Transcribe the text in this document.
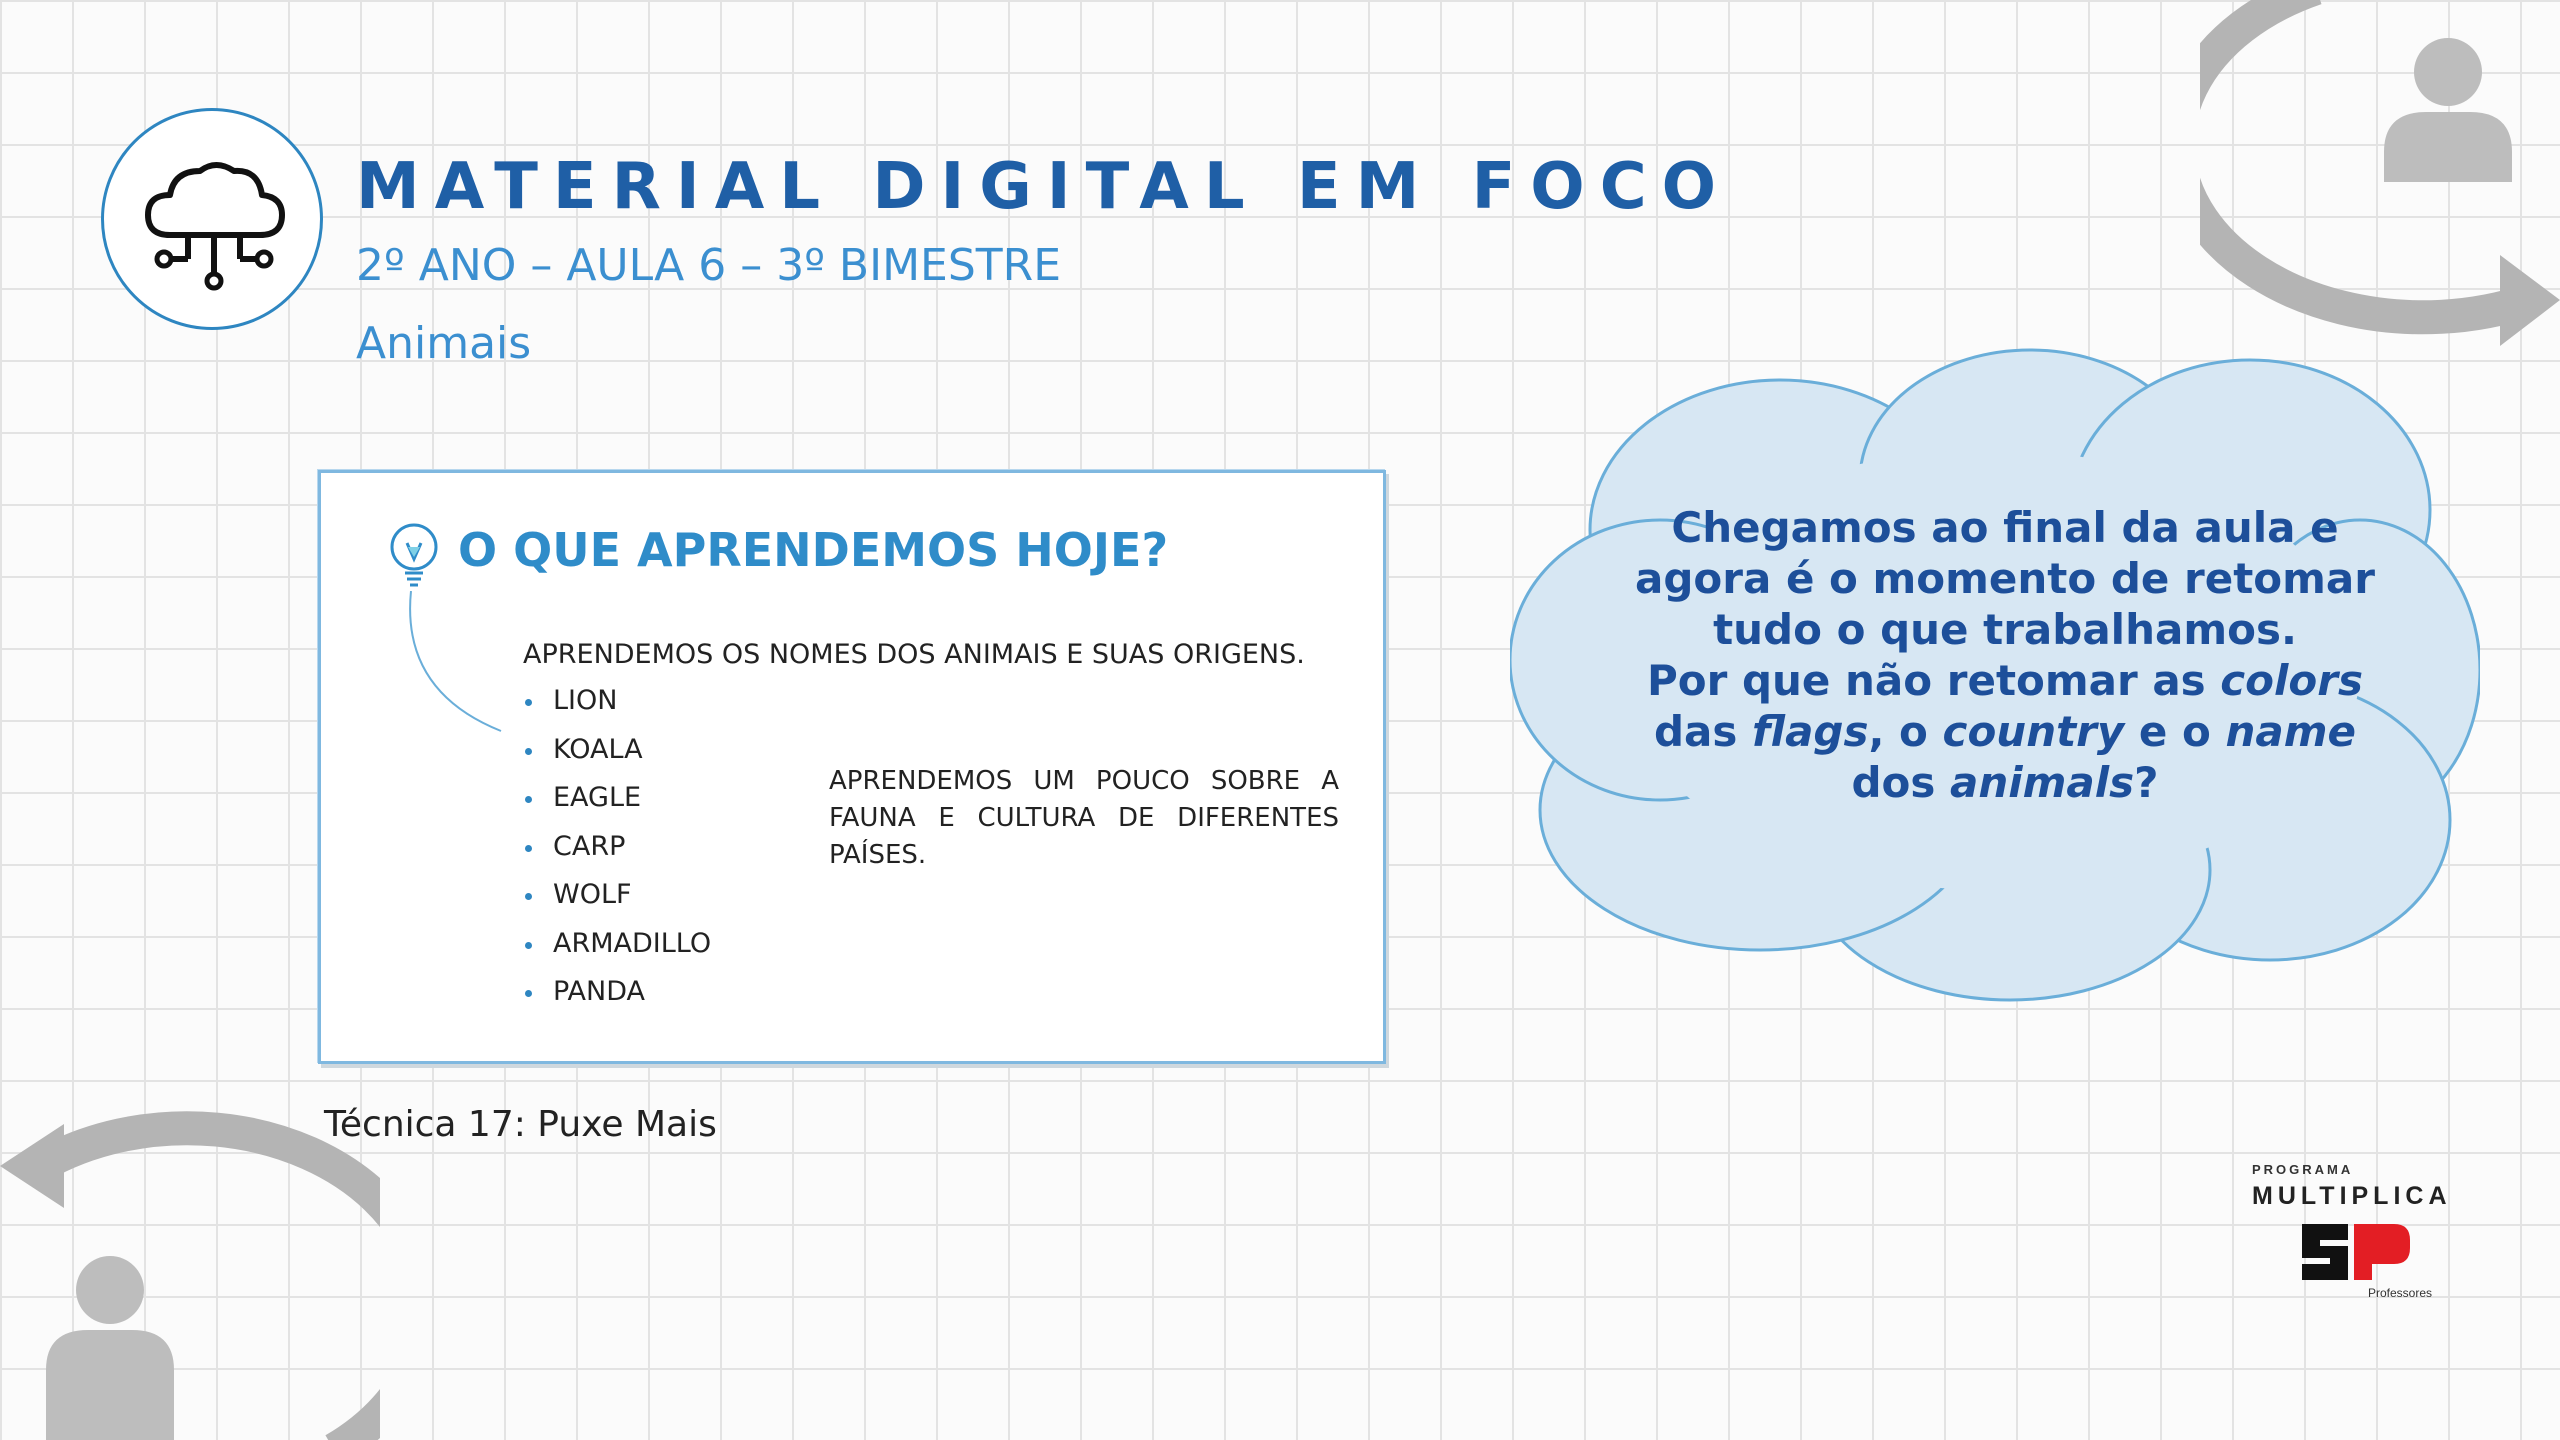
MATERIAL DIGITAL EM FOCO
2º ANO – AULA 6 – 3º BIMESTRE
Animais
O QUE APRENDEMOS HOJE?
APRENDEMOS OS NOMES DOS ANIMAIS E SUAS ORIGENS.
LION
KOALA
EAGLE
CARP
WOLF
ARMADILLO
PANDA
APRENDEMOS UM POUCO SOBRE A FAUNA E CULTURA DE DIFERENTES PAÍSES.
Técnica 17: Puxe Mais
Chegamos ao final da aula e
agora é o momento de retomar
tudo o que trabalhamos.
Por que não retomar as colors
das flags, o country e o name
dos animals?
PROGRAMA
MULTIPLICA
Professores
